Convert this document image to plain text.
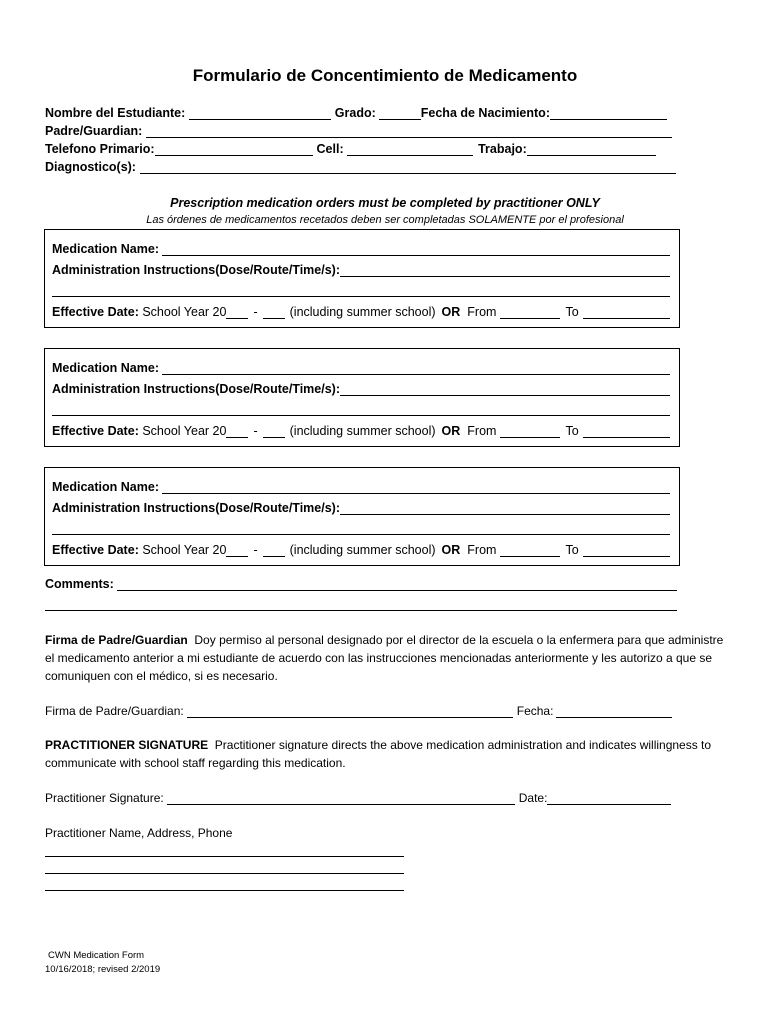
Formulario de Concentimiento de Medicamento
Nombre del Estudiante :	Grado:	Fecha de Nacimiento :
Padre/Guardian :
Telefono Primario :	Cell :	Trabajo :
Diagnostico(s):
Prescription medication orders must be completed by practitioner ONLY
Las órdenes de medicamentos recetados deben ser completadas SOLAMENTE por el profesional
Medication Name :
Administration Instructions(Dose/Route/Time/s):
Effective Date :
School Year 20 -	(including summer school) OR From	To
Medication Name :
Administration Instructions(Dose/Route/Time/s):
Effective Date :
School Year 20 -	(including summer school) OR From	To
Medication Name :
Administration Instructions(Dose/Route/Time/s):
Effective Date :
School Year 20 -	(including summer school) OR From	To
Comments :
Firma de Padre/Guardian Doy permiso al personal designado por el director de la escuela o la enfermera para que administre el medicamento anterior a mi estudiante de acuerdo con las instrucciones mencionadas anteriormente y les autorizo a que se comuniquen con el médico, si es necesario.
Firma de Padre/Guardian:	Fecha:
PRACTITIONER SIGNATURE Practitioner signature directs the above medication administration and indicates willingness to communicate with school staff regarding this medication.
Practitioner Signature:	Date:
Practitioner Name, Address, Phone
CWN Medication Form
10/16/2018; revised 2/2019
